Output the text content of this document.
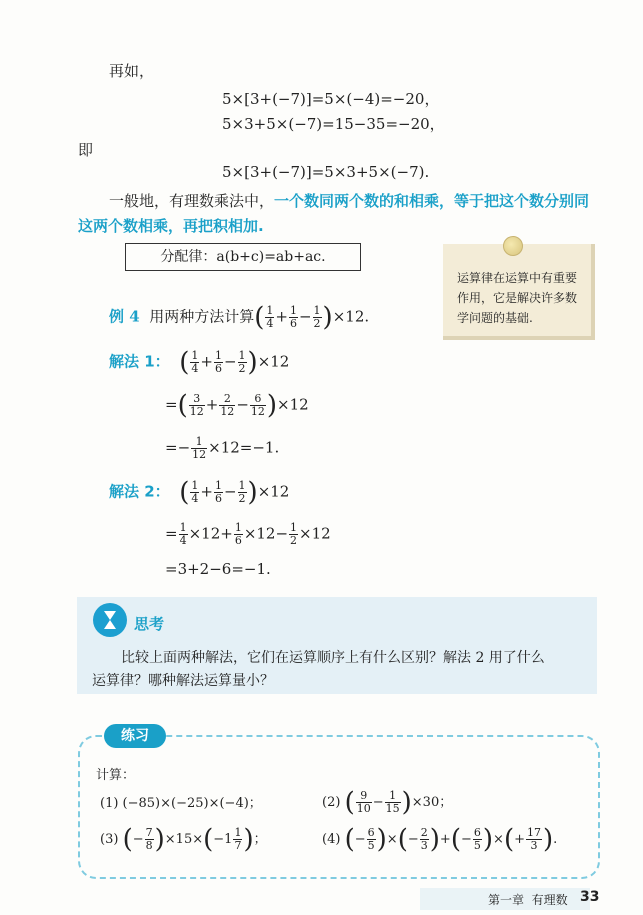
再如，
5×[3+(−7)]=5×(−4)=−20，
5×3+5×(−7)=15−35=−20，
即
5×[3+(−7)]=5×3+5×(−7).
一般地，有理数乘法中，一个数同两个数的和相乘，等于把这个数分别同
这两个数相乘，再把积相加.
分配律：a(b+c)=ab+ac.
运算律在运算中有重要作用，它是解决许多数学问题的基础.
例 4 用两种方法计算( $\frac{1}{4} + \frac{1}{6} - \frac{1}{2} )\times 12$.
解法 1： ( $\frac{1}{4} + \frac{1}{6} - \frac{1}{2} )\times 12$
=( $\frac{3}{12} + \frac{2}{12} - \frac{6}{12} )\times 12$
=− $\frac{1}{12} \times 12=-1$.
解法 2： ( $\frac{1}{4} + \frac{1}{6} - \frac{1}{2} )\times 12$
= $\frac{1}{4} \times 12+ \frac{1}{6} \times 12- \frac{1}{2} \times 12$
=3+2−6=−1.
思考
比较上面两种解法，它们在运算顺序上有什么区别？解法 2 用了什么
运算律？哪种解法运算量小？
练习
计算：
(1) (−85)×(−25)×(−4)；	(2) ( $\frac{9}{10} - \frac{1}{15} )\times 30$；
(3) (− $\frac{7}{8} )\times 15\times(-1 \frac{1}{7}$ )；	(4) (− $\frac{6}{5}$ )×(− $\frac{2}{3}$ )+(− $\frac{6}{5}$ )×(+ $\frac{17}{3}$ ).
第一章 有理数 33
